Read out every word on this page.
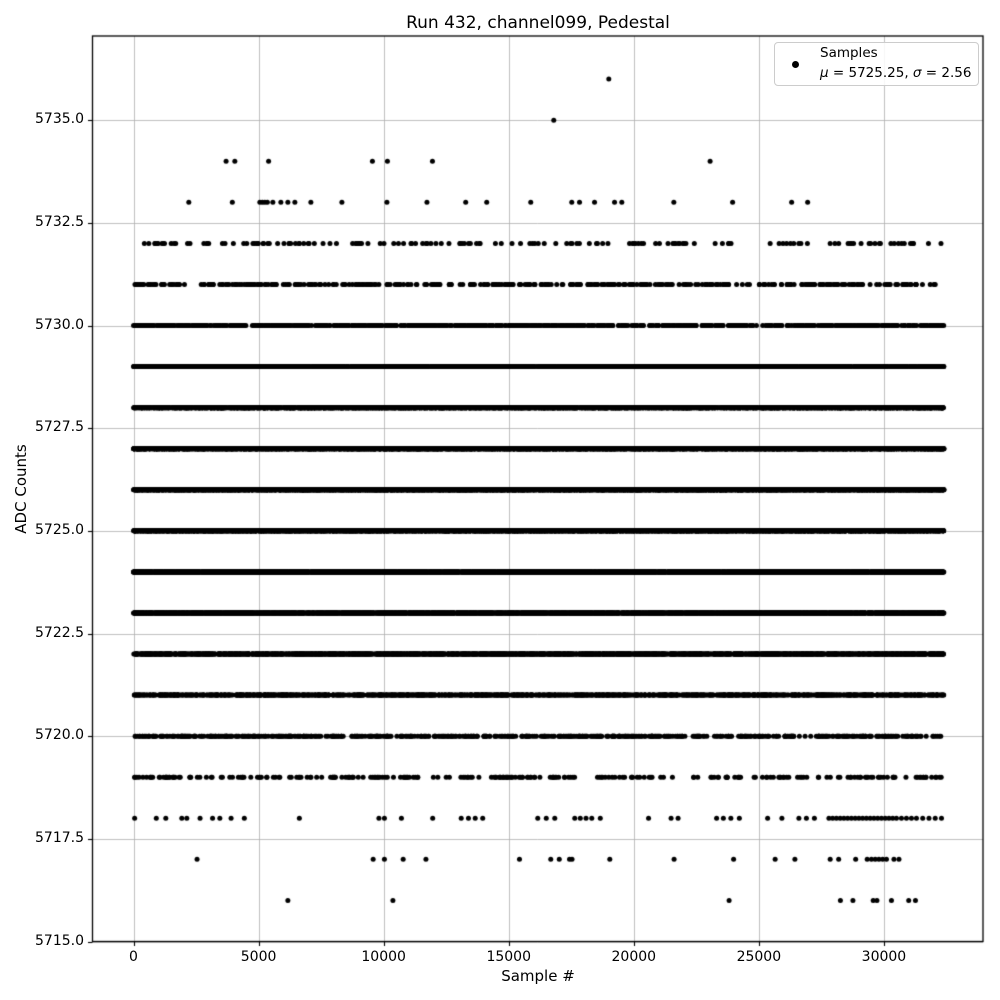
Run 432, channel099, Pedestal
Sample #
ADC Counts
0	5000	10000	15000	20000	25000	30000
5715.0
5717.5
5720.0
5722.5
5725.0
5727.5
5730.0
5732.5
5735.0
Samples
μ = 5725.25, σ = 2.56
